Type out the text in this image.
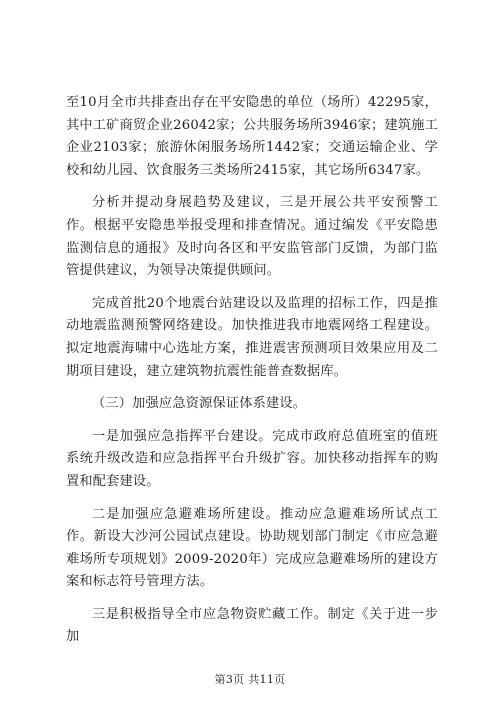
至10月全市共排查出存在平安隐患的单位（场所）42295家，其中工矿商贸企业26042家；公共服务场所3946家；建筑施工企业2103家；旅游休闲服务场所1442家；交通运输企业、学校和幼儿园、饮食服务三类场所2415家，其它场所6347家。

分析并提动身展趋势及建议，三是开展公共平安预警工作。根据平安隐患举报受理和排查情况。通过编发《平安隐患监测信息的通报》及时向各区和平安监管部门反馈，为部门监管提供建议，为领导决策提供顾问。

完成首批20个地震台站建设以及监理的招标工作，四是推动地震监测预警网络建设。加快推进我市地震网络工程建设。拟定地震海啸中心选址方案，推进震害预测项目效果应用及二期项目建设，建立建筑物抗震性能普查数据库。

（三）加强应急资源保证体系建设。

一是加强应急指挥平台建设。完成市政府总值班室的值班系统升级改造和应急指挥平台升级扩容。加快移动指挥车的购置和配套建设。

二是加强应急避难场所建设。推动应急避难场所试点工作。新设大沙河公园试点建设。协助规划部门制定《市应急避难场所专项规划》2009-2020年）完成应急避难场所的建设方案和标志符号管理方法。

三是积极指导全市应急物资贮藏工作。制定《关于进一步加

第3页 共11页
